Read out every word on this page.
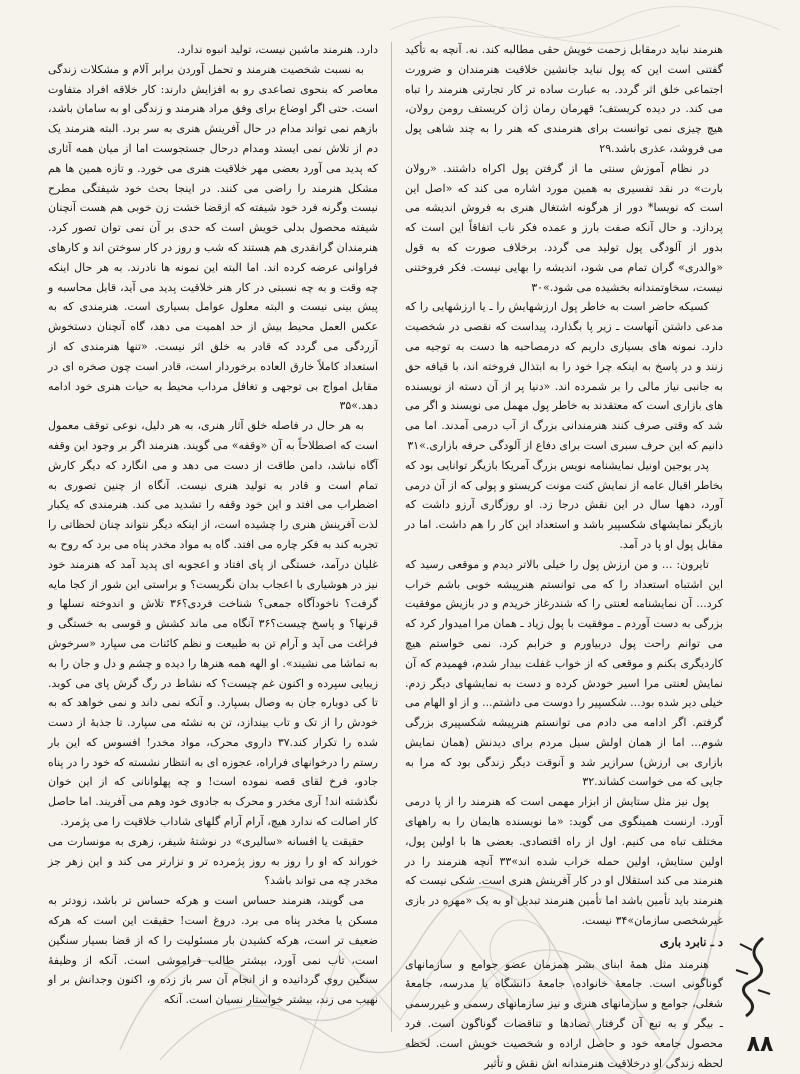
هنرمند نباید درمقابل زحمت خویش حقی مطالبه کند. نه. آنچه به تأکید گفتنی است این که پول نباید جانشین خلاقیت هنرمندان و ضرورت اجتماعی خلق اثر گردد. به عبارت ساده تر کار تجارتی هنرمند را تباه می کند. در دیده کریستف؛ قهرمان رمان ژان کریستف رومن رولان، هیچ چیزی نمی توانست برای هنرمندی که هنر را به چند شاهی پول می فروشد، عذری باشد.۲۹

در نظام آموزش سنتی ما از گرفتن پول اکراه داشتند. «رولان بارت» در نقد تفسیری به همین مورد اشاره می کند که «اصل این است که نویسا* دور از هرگونه اشتغال هنری به فروش اندیشه می پردازد. و حال آنکه صفت بارز و عمده فکر ناب اتفاقاً این است که بدور از آلودگی پول تولید می گردد. برخلاف صورت که به قول «والدری» گران تمام می شود، اندیشه را بهایی نیست. فکر فروختنی نیست، سخاوتمندانه بخشیده می شود.»۳۰

کسیکه حاضر است به خاطر پول ارزشهایش را ـ یا ارزشهایی را که مدعی داشتن آنهاست ـ زیر پا بگذارد، پیداست که نقصی در شخصیت دارد. نمونه های بسیاری داریم که درمصاحبه ها دست به توجیه می زنند و در پاسخ به اینکه چرا خود را به ابتذال فروخته اند، با قیافه حق به جانبی نیاز مالی را بر شمرده اند. «دنیا پر از آن دسته از نویسنده های بازاری است که معتقدند به خاطر پول مهمل می نویسند و اگر می شد که وقتی صرف کنند هنرمندانی بزرگ از آب درمی آمدند. اما می دانیم که این حرف سبری است برای دفاع از آلودگی حرفه بازاری.»۳۱

پدر یوجین اونیل نمایشنامه نویس بزرگ آمریکا بازیگر توانایی بود که بخاطر اقبال عامه از نمایش کنت مونت کریستو و پولی که از آن درمی آورد، دهها سال در این نقش درجا زد. او روزگاری آرزو داشت که بازیگر نمایشهای شکسپیر باشد و استعداد این کار را هم داشت. اما در مقابل پول او پا در آمد.

تایرون: ... و من ارزش پول را خیلی بالاتر دیدم و موقعی رسید که این اشتباه استعداد را که می توانستم هنرپیشه خوبی باشم خراب کرد... آن نمایشنامه لعنتی را که شندرغاز خریدم و در بازیش موفقیت بزرگی به دست آوردم ـ موفقیت با پول زیاد ـ همان مرا امیدوار کرد که می توانم راحت پول دربیاورم و خرابم کرد. نمی خواستم هیچ کاردیگری بکنم و موقعی که از خواب غفلت بیدار شدم، فهمیدم که آن نمایش لعنتی مرا اسیر خودش کرده و دست به نمایشهای دیگر زدم. خیلی دیر شده بود... شکسپیر را دوست می داشتم... و از او الهام می گرفتم. اگر ادامه می دادم می توانستم هنرپیشه شکسپیری بزرگی شوم... اما از همان اولش سیل مردم برای دیدنش (همان نمایش بازاری بی ارزش) سرازیر شد و آنوقت دیگر زندگی بود که مرا به جایی که می خواست کشاند.۳۲

پول نیز مثل ستایش از ابزار مهمی است که هنرمند را از پا درمی آورد. ارنست همینگوی می گوید: «ما نویسنده هایمان را به راههای مختلف تباه می کنیم. اول از راه اقتصادی. بعضی ها با اولین پول، اولین ستایش، اولین حمله خراب شده اند»۳۳ آنچه هنرمند را در هنرمند می کند استقلال او در کار آفرینش هنری است. شکی نیست که هنرمند باید تأمین باشد اما تأمین هنرمند تبدیل او به یک «مهره در بازی غیرشخصی سازمان»۳۴ نیست.

د ـ نابرد باری

هنرمند مثل همهٔ ابنای بشر همزمان عضو جوامع و سازمانهای گوناگونی است. جامعهٔ خانواده، جامعهٔ دانشگاه یا مدرسه، جامعهٔ شغلی، جوامع و سازمانهای هنری و نیز سازمانهای رسمی و غیررسمی ـ بیگر و به تبع آن گرفتار تضادها و تناقضات گوناگون است. فرد محصول جامعه خود و حاصل اراده و شخصیت خویش است. لحظه لحظه زندگی او درخلاقیت هنرمندانه اش نقش و تأثیر

دارد. هنرمند ماشین نیست، تولید انبوه ندارد.

به نسبت شخصیت هنرمند و تحمل آوردن برابر آلام و مشکلات زندگی معاصر که بنحوی تصاعدی رو به افزایش دارند: کار خلاقه افراد متفاوت است. حتی اگر اوضاع برای وفق مراد هنرمند و زندگی او به سامان باشد، بازهم نمی تواند مدام در حال آفرینش هنری به سر برد. البته هنرمند یک دم از تلاش نمی ایستد ومدام درحال جستجوست اما از میان همه آثاری که پدید می آورد بعضی مهر خلاقیت هنری می خورد. و تازه همین ها هم مشکل هنرمند را راضی می کنند. در اینجا بحث خود شیفتگی مطرح نیست وگرنه فرد خود شیفته که ازقضا خشت زن خوبی هم هست آنچنان شیفته محصول بدلی خویش است که حدی بر آن نمی توان تصور کرد. هنرمندان گرانقدری هم هستند که شب و روز در کار سوختن اند و کارهای فراوانی عرضه کرده اند. اما البته این نمونه ها نادرند. به هر حال اینکه چه وقت و به چه نسبتی در کار هنر خلاقیت پدید می آید، قابل محاسبه و پیش بینی نیست و البته معلول عوامل بسیاری است. هنرمندی که به عکس العمل محیط بیش از حد اهمیت می دهد، گاه آنچنان دستخوش آزردگی می گردد که قادر به خلق اثر نیست. «تنها هنرمندی که از استعداد کاملاً خارق العاده برخوردار است، قادر است چون صخره ای در مقابل امواج بی توجهی و تغافل مرداب محیط به حیات هنری خود ادامه دهد.»۳۵

به هر حال در فاصله خلق آثار هنری، به هر دلیل، نوعی توقف معمول است که اصطلاحاً به آن «وقفه» می گویند. هنرمند اگر بر وجود این وقفه آگاه نباشد، دامن طاقت از دست می دهد و می انگارد که دیگر کارش تمام است و قادر به تولید هنری نیست. آنگاه از چنین تصوری به اضطراب می افتد و این خود وقفه را تشدید می کند. هنرمندی که یکبار لذت آفرینش هنری را چشیده است، از اینکه دیگر نتواند چنان لحظاتی را تجربه کند به فکر چاره می افتد. گاه به مواد مخدر پناه می برد که روح به غلیان درآمد، خستگی از پای افتاد و اعجوبه ای پدید آمد که هنرمند خود نیز در هوشیاری با اعجاب بدان نگریست؟ و براستی این شور از کجا مایه گرفت؟ ناخودآگاه جمعی؟ شناخت فردی؟۳۶ تلاش و اندوخته نسلها و قرنها؟ و پاسخ چیست؟۳۶ آنگاه می ماند کشش و قوسی به خستگی و فراغت می آید و آرام تن به طبیعت و نظم کائنات می سپارد «سرخوش به تماشا می نشیند». او الهه همه هنرها را دیده و چشم و دل و جان را به زیبایی سپرده و اکنون غم چیست؟ که نشاط در رگ گرش پای می کوبد. تا کی دوباره جان به وصال بسپارد. و آنکه نمی داند و نمی خواهد که به خودش را از تک و تاب بیندازد، تن به نشئه می سپارد. تا جذبهٔ از دست شده را تکرار کند.۳۷ داروی محرک، مواد مخدر! افسوس که این بار رستم را درخوانهای فراراه، عجوزه ای به انتظار نشسته که خود را در پناه جادو، فرخ لقای قصه نموده است! و چه پهلوانانی که از این خوان نگذشته اند! آری مخدر و محرک به جادوی خود وهم می آفریند. اما حاصل کار اصالت که ندارد هیچ، آرام آرام گلهای شاداب خلاقیت را می پژمرد.

حقیقت یا افسانه «سالیری» در نوشتهٔ شیفر، زهری به مونسارت می خوراند که او را روز به روز پژمرده تر و نزارتر می کند و این زهر جز مخدر چه می تواند باشد؟

می گویند، هنرمند حساس است و هرکه حساس تر باشد، زودتر به مسکن یا مخدر پناه می برد. دروغ است! حقیقت این است که هرکه ضعیف تر است، هرکه کشیدن بار مسئولیت را که از قضا بسیار سنگین است، تاب نمی آورد، بیشتر طالب فراموشی است. آنکه از وظیفهٔ سنگین روی گردانیده و از انجام آن سر باز زده و، اکنون وجدانش بر او نهیب می زند، بیشتر خواستار نسیان است. آنکه

۸۸
